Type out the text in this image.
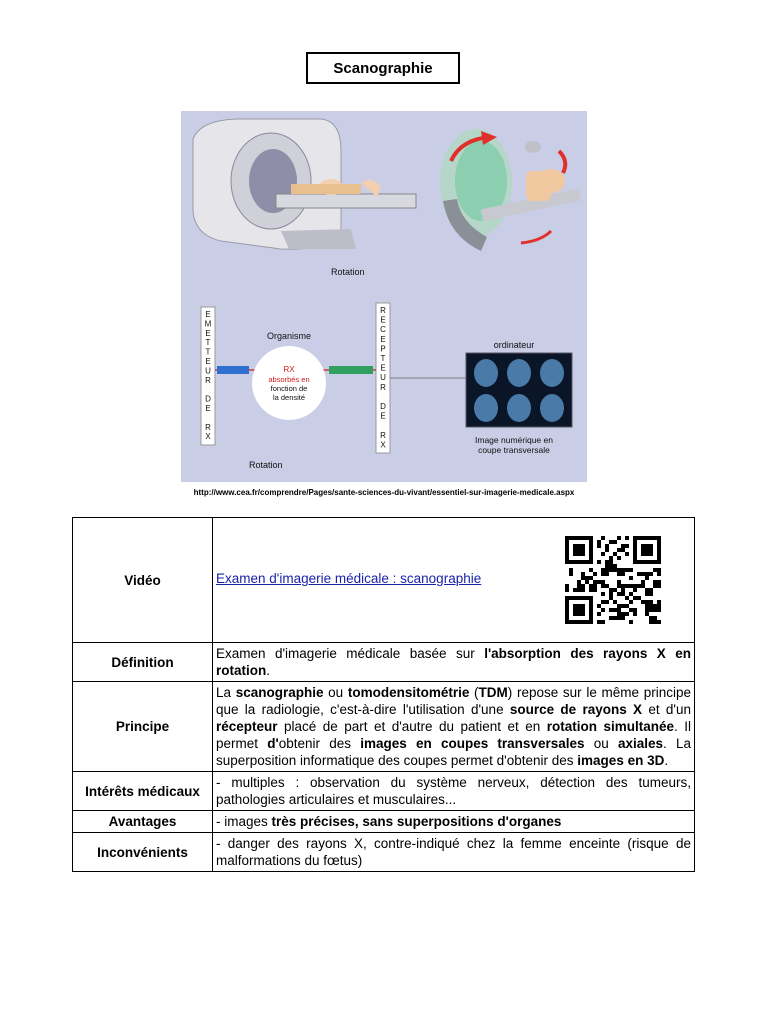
Scanographie
Rotation
E
M
E
T
T
E
U
R
D
E
R
X
R
E
C
E
P
T
E
U
R
D
E
R
X
Organisme
RX
absorbés en
fonction de
la densité
ordinateur
Image numérique en
coupe transversale
Rotation
http://www.cea.fr/comprendre/Pages/sante-sciences-du-vivant/essentiel-sur-imagerie-medicale.aspx
Vidéo	Examen d'imagerie médicale : scanographie

Définition	Examen d'imagerie médicale basée sur l'absorption des rayons X en rotation.
Principe	La scanographie ou tomodensitométrie (TDM) repose sur le même principe que la radiologie, c'est-à-dire l'utilisation d'une source de rayons X et d'un récepteur placé de part et d'autre du patient et en rotation simultanée. Il permet d'obtenir des images en coupes transversales ou axiales. La superposition informatique des coupes permet d'obtenir des images en 3D.
Intérêts médicaux	- multiples : observation du système nerveux, détection des tumeurs, pathologies articulaires et musculaires...
Avantages	- images très précises, sans superpositions d'organes
Inconvénients	- danger des rayons X, contre-indiqué chez la femme enceinte (risque de malformations du fœtus)
